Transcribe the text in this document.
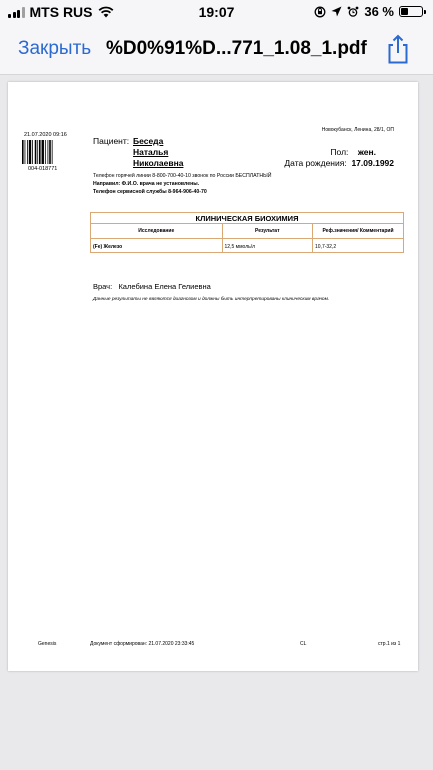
MTS RUS	19:07	36 %
Закрыть %D0%91%D...771_1.08_1.pdf
21.07.2020 09:16
004-018771
Новокубанск, Ленина, 28/1, ОП
Пациент: Беседа
Наталья
Николаевна
Пол: жен.
Дата рождения: 17.09.1992
Телефон горячей линии 8-800-700-40-10 звонок по России БЕСПЛАТНЫЙ
Направил: Ф.И.О. врача не установлены.
Телефон сервисной службы 8-964-906-40-70
КЛИНИЧЕСКАЯ БИОХИМИЯ
Исследование	Результат	Реф.значения/ Комментарий
(Fe) Железо	12,5 ммоль/л	10,7-32,2
Врач: Калебина Елена Гелиевна
Данные результаты не являются диагнозом и должны быть интерпретированы клиническим врачом.
Genesis	Документ сформирован: 21.07.2020 23:33:45	CL	стр.1 из 1
